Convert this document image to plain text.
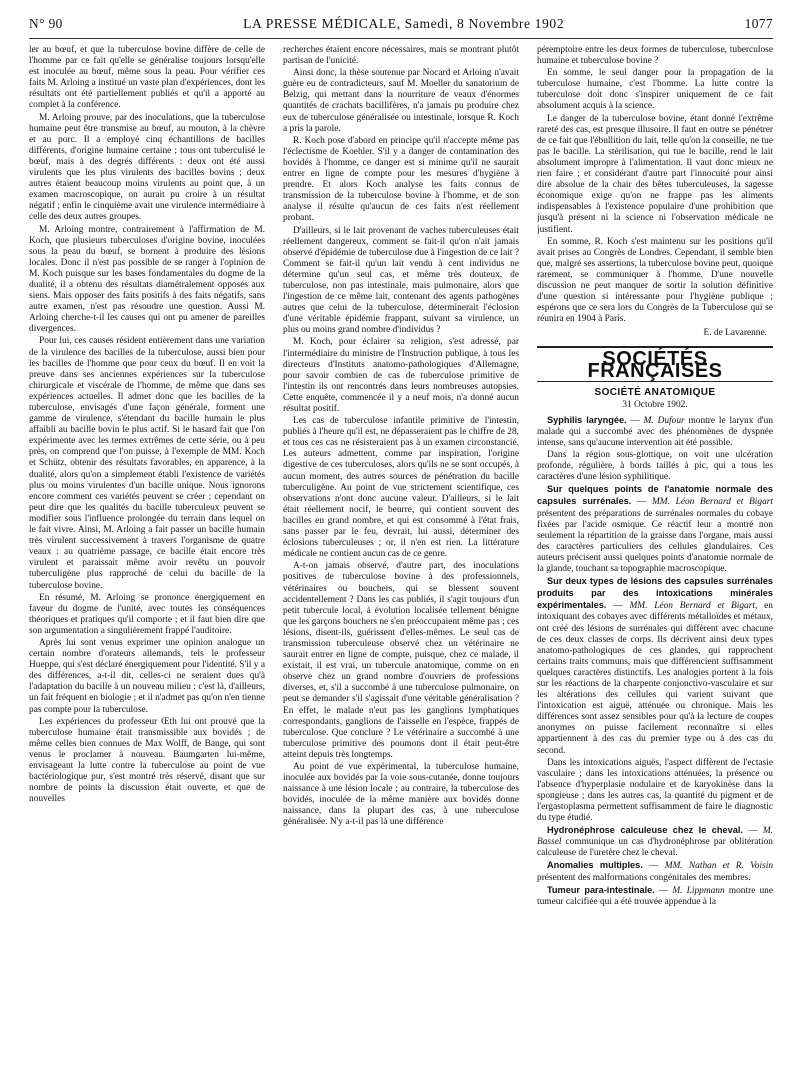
N° 90	LA PRESSE MÉDICALE, Samedi, 8 Novembre 1902	1077

ler au bœuf, et que la tuberculose bovine diffère de celle de l'homme par ce fait qu'elle se généralise toujours lorsqu'elle est inoculée au bœuf, même sous la peau. Pour vérifier ces faits M. Arloing a institué un vaste plan d'expériences, dont les résultats ont été partiellement publiés et qu'il a apporté au complet à la conférence.

M. Arloing prouve, par des inoculations, que la tuberculose humaine peut être transmise au bœuf, au mouton, à la chèvre et au porc. Il a employé cinq échantillons de bacilles différents, d'origine humaine certaine ; tous ont tuberculisé le bœuf, mais à des degrés différents : deux ont été aussi virulents que les plus virulents des bacilles bovins ; deux autres étaient beaucoup moins virulents au point que, à un examen macroscopique, on aurait pu croire à un résultat négatif ; enfin le cinquième avait une virulence intermédiaire à celle des deux autres groupes.

M. Arloing montre, contrairement à l'affirmation de M. Koch, que plusieurs tuberculoses d'origine bovine, inoculées sous la peau du bœuf, se bornent à produire des lésions locales. Donc il n'est pas possible de se ranger à l'opinion de M. Koch puisque sur les bases fondamentales du dogme de la dualité, il a obtenu des résultats diamétralement opposés aux siens. Mais opposer des faits positifs à des faits négatifs, sans autre examen, n'est pas résoudre une question. Aussi M. Arloing cherche-t-il les causes qui ont pu amener de pareilles divergences.

Pour lui, ces causes résident entièrement dans une variation de la virulence des bacilles de la tuberculose, aussi bien pour les bacilles de l'homme que pour ceux du bœuf. Il en voit la preuve dans ses anciennes expériences sur la tuberculose chirurgicale et viscérale de l'homme, de même que dans ses expériences actuelles. Il admet donc que les bacilles de la tuberculose, envisagés d'une façon générale, forment une gamme de virulence, s'étendant du bacille humain le plus affaibli au bacille bovin le plus actif. Si le hasard fait que l'on expérimente avec les termes extrêmes de cette série, ou à peu près, on comprend que l'on puisse, à l'exemple de MM. Koch et Schütz, obtenir des résultats favorables, en apparence, à la dualité, alors qu'on a simplement établi l'existence de variétés plus ou moins virulentes d'un bacille unique. Nous ignorons encore comment ces variétés peuvent se créer ; cependant on peut dire que les qualités du bacille tuberculeux peuvent se modifier sous l'influence prolongée du terrain dans lequel on le fait vivre. Ainsi, M. Arloing a fait passer un bacille humain très virulent successivement à travers l'organisme de quatre veaux : au quatrième passage, ce bacille était encore très virulent et paraissait même avoir revêtu un pouvoir tuberculigène plus rapproché de celui du bacille de la tuberculose bovine.

En résumé, M. Arloing se prononce énergiquement en faveur du dogme de l'unité, avec toutes les conséquences théoriques et pratiques qu'il comporte ; et il faut bien dire que son argumentation a singulièrement frappé l'auditoire.

Après lui sont venus exprimer une opinion analogue un certain nombre d'orateurs allemands, tels le professeur Hueppe, qui s'est déclaré énergiquement pour l'identité. S'il y a des différences, a-t-il dit, celles-ci ne seraient dues qu'à l'adaptation du bacille à un nouveau milieu : c'est là, d'ailleurs, un fait fréquent en biologie ; et il n'admet pas qu'on n'en tienne pas compte pour la tuberculose.

Les expériences du professeur Œth lui ont prouvé que la tuberculose humaine était transmissible aux bovidés ; de même celles bien connues de Max Wolff, de Bange, qui sont venus le proclamer à nouveau. Baumgarten lui-même, envisageant la lutte contre la tuberculose au point de vue bactériologique pur, s'est montré très réservé, disant que sur nombre de points la discussion était ouverte, et que de nouvelles

recherches étaient encore nécessaires, mais se montrant plutôt partisan de l'unicité.

Ainsi donc, la thèse soutenue par Nocard et Arloing n'avait guère eu de contradicteurs, sauf M. Moeller du sanatorium de Belzig, qui mettant dans la nourriture de veaux d'énormes quantités de crachats bacillifères, n'a jamais pu produire chez eux de tuberculose généralisée ou intestinale, lorsque R. Koch a pris la parole.

R. Koch pose d'abord en principe qu'il n'accepte même pas l'éclectisme de Koehler. S'il y a danger de contamination des bovidés à l'homme, ce danger est si minime qu'il ne saurait entrer en ligne de compte pour les mesures d'hygiène à prendre. Et alors Koch analyse les faits connus de transmission de la tuberculose bovine à l'homme, et de son analyse il résulte qu'aucun de ces faits n'est réellement probant.

D'ailleurs, si le lait provenant de vaches tuberculeuses était réellement dangereux, comment se fait-il qu'on n'ait jamais observé d'épidémie de tuberculose due à l'ingestion de ce lait ? Comment se fait-il qu'un lait vendu à cent individus ne détermine qu'un seul cas, et même très douteux, de tuberculose, non pas intestinale, mais pulmonaire, alors que l'ingestion de ce même lait, contenant des agents pathogènes autres que celui de la tuberculose, déterminerait l'éclosion d'une véritable épidémie frappant, suivant sa virulence, un plus ou moins grand nombre d'individus ?

M. Koch, pour éclairer sa religion, s'est adressé, par l'intermédiaire du ministre de l'Instruction publique, à tous les directeurs d'Instituts anatomo-pathologiques d'Allemagne, pour savoir combien de cas de tuberculose primitive de l'intestin ils ont rencontrés dans leurs nombreuses autopsies. Cette enquête, commencée il y a neuf mois, n'a donné aucun résultat positif.

Les cas de tuberculose infantile primitive de l'intestin, publiés à l'heure qu'il est, ne dépasseraient pas le chiffre de 28, et tous ces cas ne résisteraient pas à un examen circonstancié. Les auteurs admettent, comme par inspiration, l'origine digestive de ces tuberculoses, alors qu'ils ne se sont occupés, à aucun moment, des autres sources de pénétration du bacille tuberculigène. Au point de vue strictement scientifique, ces observations n'ont donc aucune valeur. D'ailleurs, si le lait était réellement nocif, le beurre, qui contient souvent des bacilles en grand nombre, et qui est consommé à l'état frais, sans passer par le feu, devrait, lui aussi, déterminer des éclosions tuberculeuses ; or, il n'en est rien. La littérature médicale ne contient aucun cas de ce genre.

A-t-on jamais observé, d'autre part, des inoculations positives de tuberculose bovine à des professionnels, vétérinaires ou bouchers, qui se blessent souvent accidentellement ? Dans les cas publiés, il s'agit toujours d'un petit tubercule local, à évolution localisée tellement bénigne que les garçons bouchers ne s'en préoccupaient même pas ; ces lésions, disent-ils, guérissent d'elles-mêmes. Le seul cas de transmission tuberculeuse observé chez un vétérinaire ne saurait entrer en ligne de compte, puisque, chez ce malade, il existait, il est vrai, un tubercule anatomique, comme on en observe chez un grand nombre d'ouvriers de professions diverses, et, s'il a succombé à une tuberculose pulmonaire, on peut se demander s'il s'agissait d'une véritable généralisation ? En effet, le malade n'eut pas les ganglions lymphatiques correspondants, ganglions de l'aisselle en l'espèce, frappés de tuberculose. Que conclure ? Le vétérinaire a succombé à une tuberculose primitive des poumons dont il était peut-être atteint depuis très longtemps.

Au point de vue expérimental, la tuberculose humaine, inoculée aux bovidés par la voie sous-cutanée, donne toujours naissance à une lésion locale ; au contraire, la tuberculose des bovidés, inoculée de la même manière aux bovidés donne naissance, dans la plupart des cas, à une tuberculose généralisée. N'y a-t-il pas là une différence

péremptoire entre les deux formes de tuberculose, tuberculose humaine et tuberculose bovine ?

En somme, le seul danger pour la propagation de la tuberculose humaine, c'est l'homme. La lutte contre la tuberculose doit donc s'inspirer uniquement de ce fait absolument acquis à la science.

Le danger de la tuberculose bovine, étant donné l'extrême rareté des cas, est presque illusoire. Il faut en outre se pénétrer de ce fait que l'ébullition du lait, telle qu'on la conseille, ne tue pas le bacille. La stérilisation, qui tue le bacille, rend le lait absolument impropre à l'alimentation. Il vaut donc mieux ne rien faire ; et considérant d'autre part l'innocuité pour ainsi dire absolue de la chair des bêtes tuberculeuses, la sagesse économique exige qu'on ne frappe pas les aliments indispensables à l'existence populaire d'une prohibition que jusqu'à présent ni la science ni l'observation médicale ne justifient.

En somme, R. Koch s'est maintenu sur les positions qu'il avait prises au Congrès de Londres. Cependant, il semble bien que, malgré ses assertions, la tuberculose bovine peut, quoique rarement, se communiquer à l'homme. D'une nouvelle discussion ne peut manquer de sortir la solution définitive d'une question si intéressante pour l'hygiène publique ; espérons que ce sera lors du Congrès de la Tuberculose qui se réunira en 1904 à Paris.

E. de Lavarenne.
SOCIÉTÉS FRANÇAISES
SOCIÉTÉ ANATOMIQUE
31 Octobre 1902.

Syphilis laryngée. — M. Dufour montre le larynx d'un malade qui a succombé avec des phénomènes de dyspnée intense, sans qu'aucune intervention ait été possible.

Dans la région sous-glottique, on voit une ulcération profonde, régulière, à bords taillés à pic, qui a tous les caractères d'une lésion syphilitique.

Sur quelques points de l'anatomie normale des capsules surrénales. — MM. Léon Bernard et Bigart présentent des préparations de surrénales normales du cobaye fixées par l'acide osmique. Ce réactif leur a montré non seulement la répartition de la graisse dans l'organe, mais aussi des caractères particuliers des cellules glandulaires. Ces auteurs précisent aussi quelques points d'anatomie normale de la glande, touchant sa topographie macroscopique.

Sur deux types de lésions des capsules surrénales produits par des intoxications minérales expérimentales. — MM. Léon Bernard et Bigart, en intoxiquant des cobayes avec différents métalloïdes et métaux, ont créé des lésions de surrénales qui diffèrent avec chacune de ces deux classes de corps. Ils décrivent ainsi deux types anatomo-pathologiques de ces glandes, qui rapprochent certains traits communs, mais que différencient suffisamment quelques caractères distinctifs. Les analogies portent à la fois sur les réactions de la charpente conjonctivo-vasculaire et sur les altérations des cellules qui varient suivant que l'intoxication est aiguë, atténuée ou chronique. Mais les différences sont assez sensibles pour qu'à la lecture de coupes anonymes on puisse facilement reconnaître si elles appartiennent à des cas du premier type ou à des cas du second.

Dans les intoxications aiguës, l'aspect diffèrent de l'ectasie vasculaire ; dans les intoxications atténuées, la présence ou l'absence d'hyperplasie nodulaire et de karyokinèse dans la spongieuse ; dans les autres cas, la quantité du pigment et de l'ergastoplasma permettent suffisamment de faire le diagnostic du type étudié.

Hydronéphrose calculeuse chez le cheval. — M. Bassel communique un cas d'hydronéphrose par oblitération calculeuse de l'uretère chez le cheval.

Anomalies multiples. — MM. Nathan et R. Voisin présentent des malformations congénitales des membres.

Tumeur para-intestinale. — M. Lippmann montre une tumeur calcifiée qui a été trouvée appendue à la
